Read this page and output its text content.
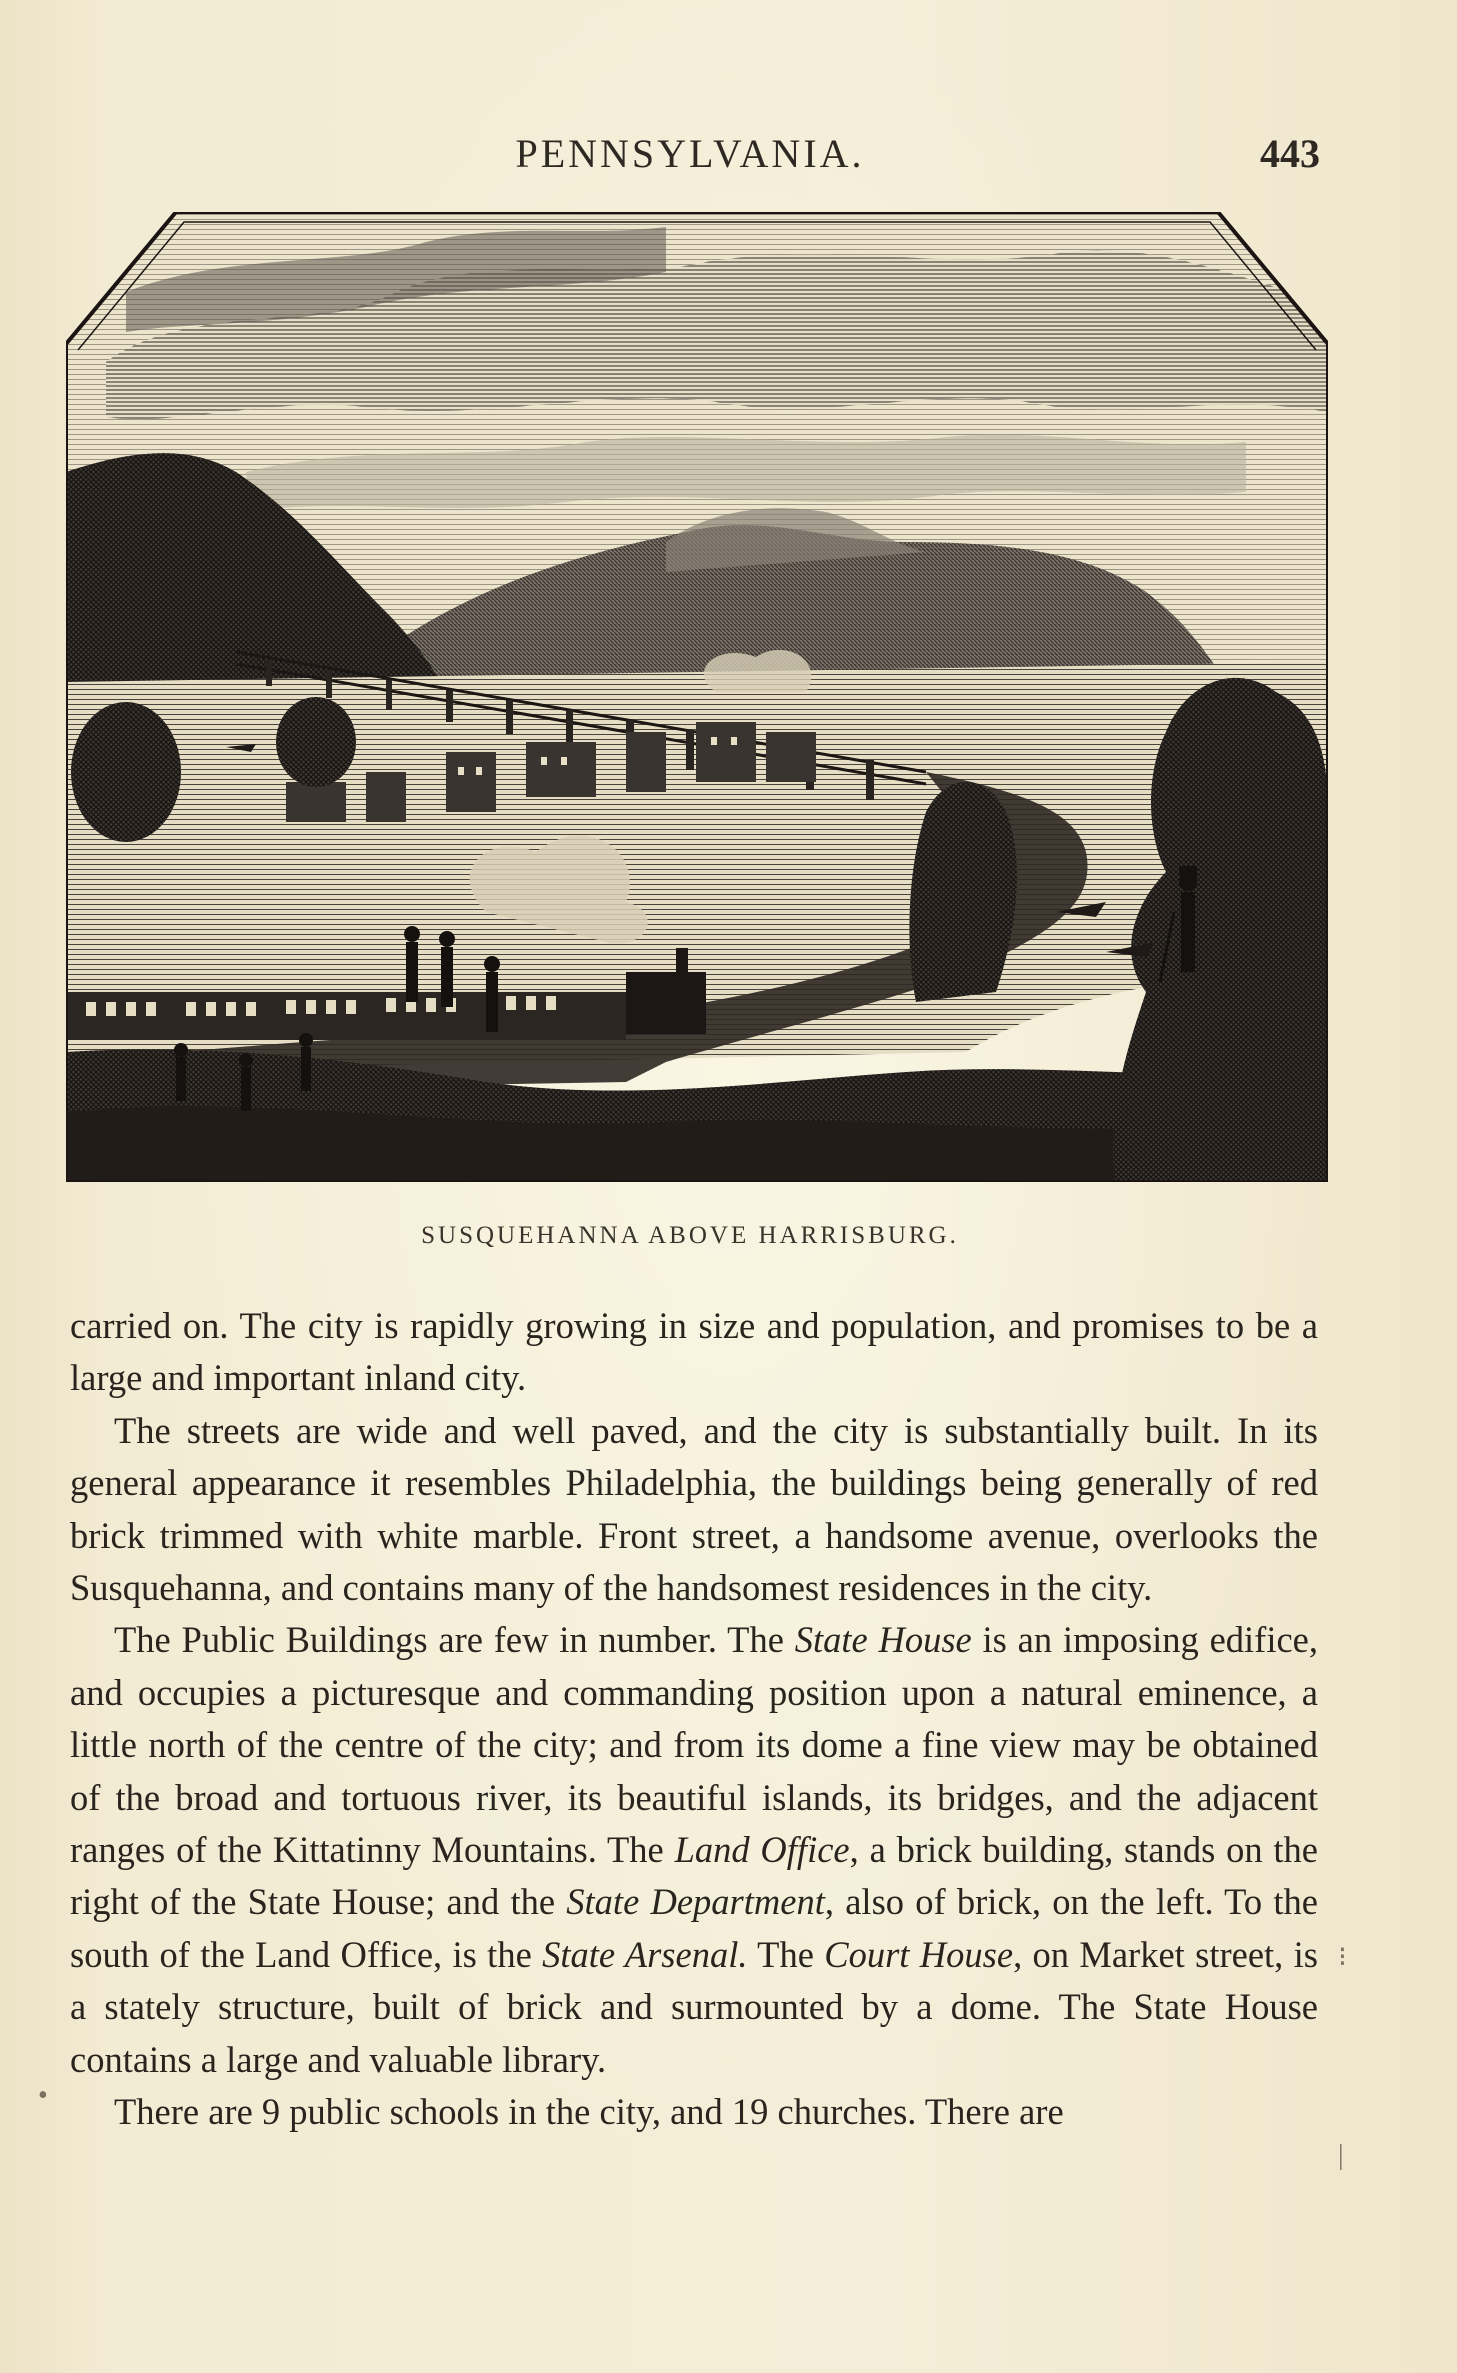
PENNSYLVANIA.	443
SUSQUEHANNA ABOVE HARRISBURG.

carried on. The city is rapidly growing in size and population, and promises to be a large and important inland city.

The streets are wide and well paved, and the city is substantially built. In its general appearance it resembles Philadelphia, the buildings being generally of red brick trimmed with white marble. Front street, a handsome avenue, overlooks the Susquehanna, and contains many of the handsomest residences in the city.

The Public Buildings are few in number. The State House is an imposing edifice, and occupies a picturesque and commanding position upon a natural eminence, a little north of the centre of the city; and from its dome a fine view may be obtained of the broad and tortuous river, its beautiful islands, its bridges, and the adjacent ranges of the Kittatinny Mountains. The Land Office, a brick building, stands on the right of the State House; and the State Department, also of brick, on the left. To the south of the Land Office, is the State Arsenal. The Court House, on Market street, is a stately structure, built of brick and surmounted by a dome. The State House contains a large and valuable library.

There are 9 public schools in the city, and 19 churches. There are

⁝
|
•
